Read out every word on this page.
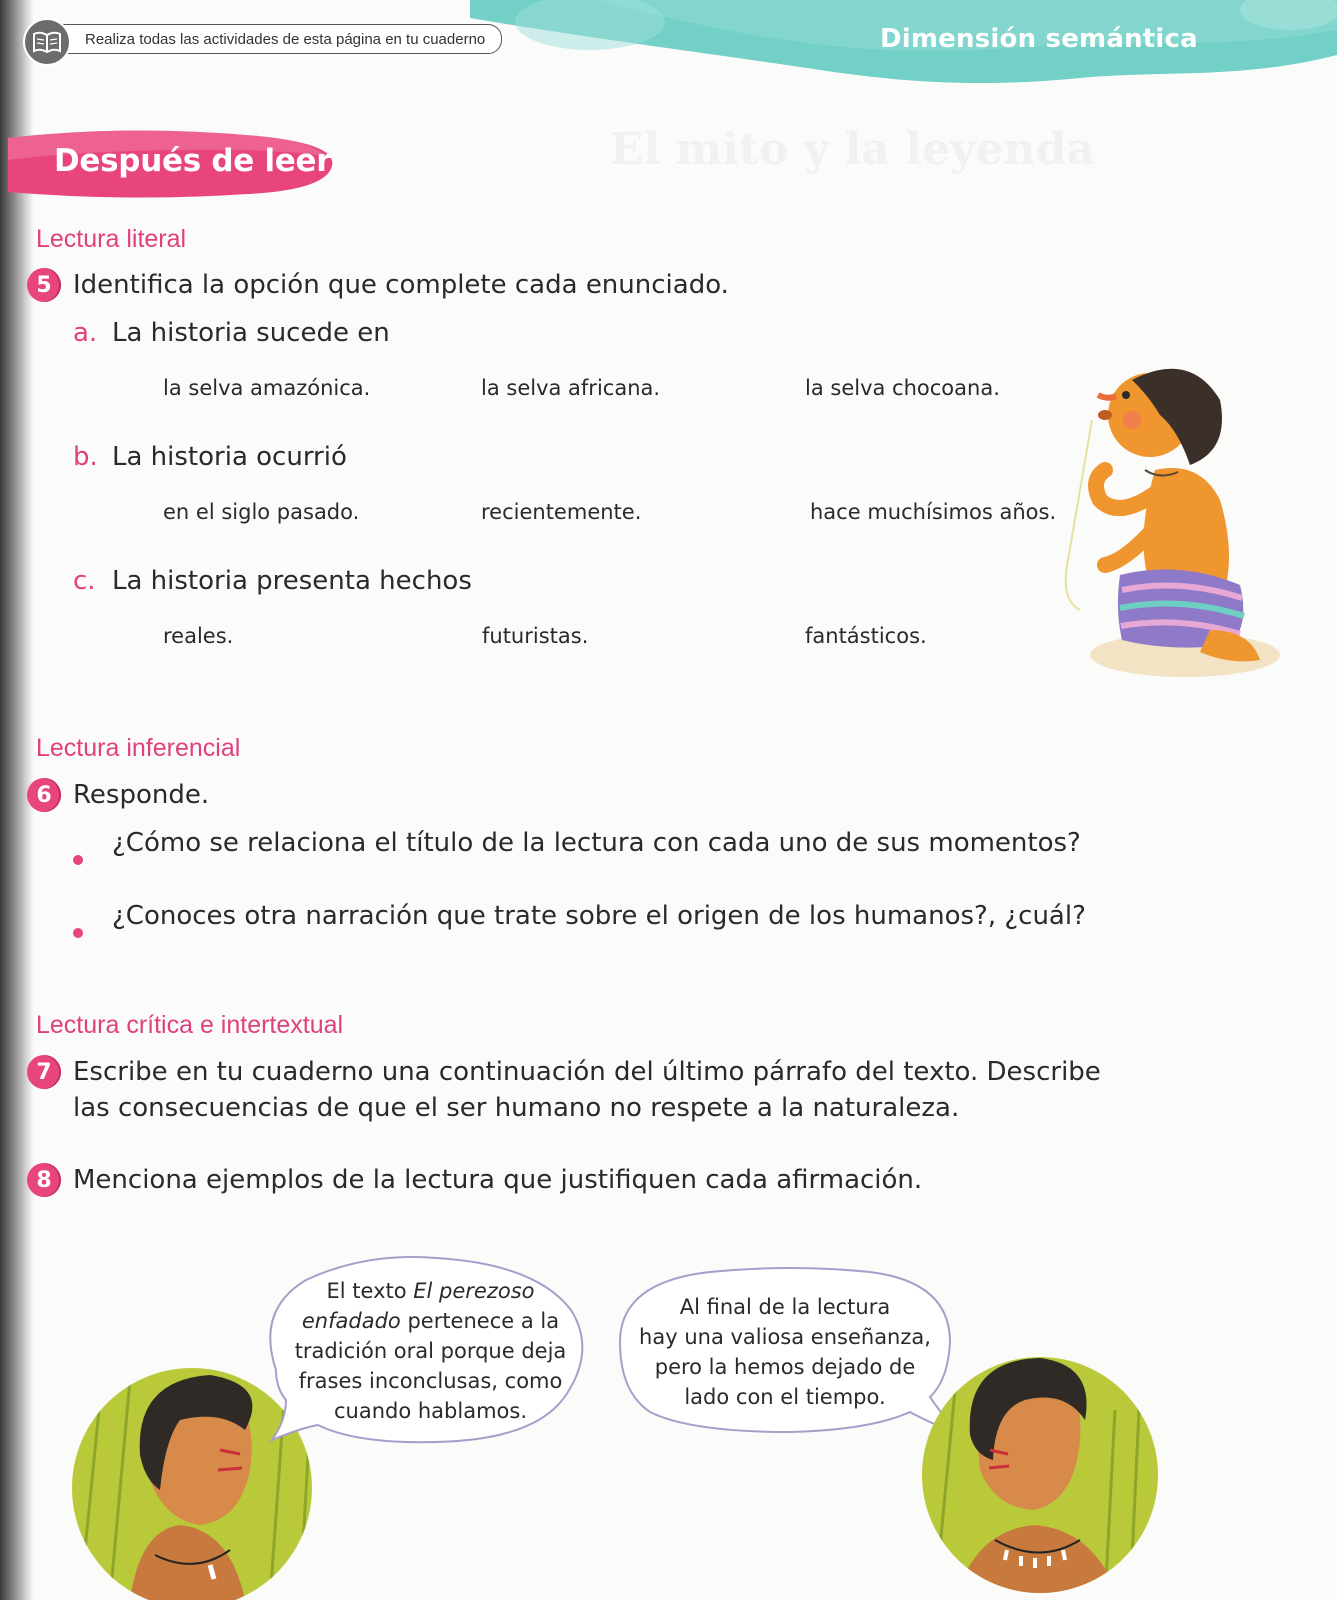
Realiza todas las actividades de esta página en tu cuaderno	Dimensión semántica
El mito y la leyenda
Después de leer
Lectura literal
5 Identifica la opción que complete cada enunciado.
a. La historia sucede en
la selva amazónica.	la selva africana.	la selva chocoana.
b. La historia ocurrió
en el siglo pasado.	recientemente.	hace muchísimos años.
c. La historia presenta hechos
reales.	futuristas.	fantásticos.
Lectura inferencial
6 Responde.
¿Cómo se relaciona el título de la lectura con cada uno de sus momentos?
¿Conoces otra narración que trate sobre el origen de los humanos?, ¿cuál?
Lectura crítica e intertextual
7 Escribe en tu cuaderno una continuación del último párrafo del texto. Describe
las consecuencias de que el ser humano no respete a la naturaleza.
8 Menciona ejemplos de la lectura que justifiquen cada afirmación.
El texto El perezoso
enfadado pertenece a la
tradición oral porque deja
frases inconclusas, como
cuando hablamos.
Al final de la lectura
hay una valiosa enseñanza,
pero la hemos dejado de
lado con el tiempo.
